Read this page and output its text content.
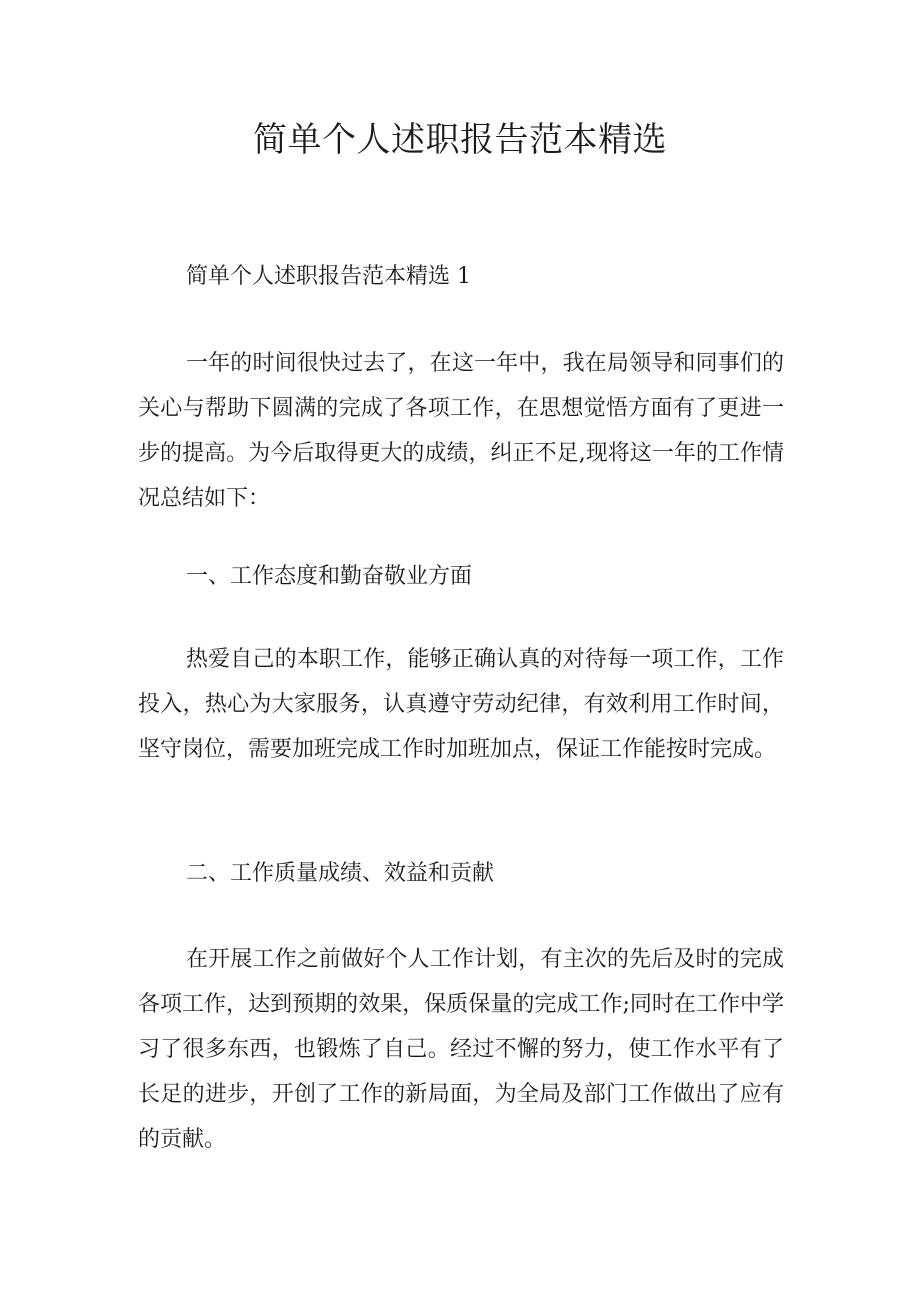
简单个人述职报告范本精选

简单个人述职报告范本精选 1

一年的时间很快过去了，在这一年中，我在局领导和同事们的关心与帮助下圆满的完成了各项工作，在思想觉悟方面有了更进一步的提高。为今后取得更大的成绩，纠正不足,现将这一年的工作情况总结如下：

一、工作态度和勤奋敬业方面

热爱自己的本职工作，能够正确认真的对待每一项工作，工作投入，热心为大家服务，认真遵守劳动纪律，有效利用工作时间，坚守岗位，需要加班完成工作时加班加点，保证工作能按时完成。

二、工作质量成绩、效益和贡献

在开展工作之前做好个人工作计划，有主次的先后及时的完成各项工作，达到预期的效果，保质保量的完成工作;同时在工作中学习了很多东西，也锻炼了自己。经过不懈的努力，使工作水平有了长足的进步，开创了工作的新局面，为全局及部门工作做出了应有的贡献。
